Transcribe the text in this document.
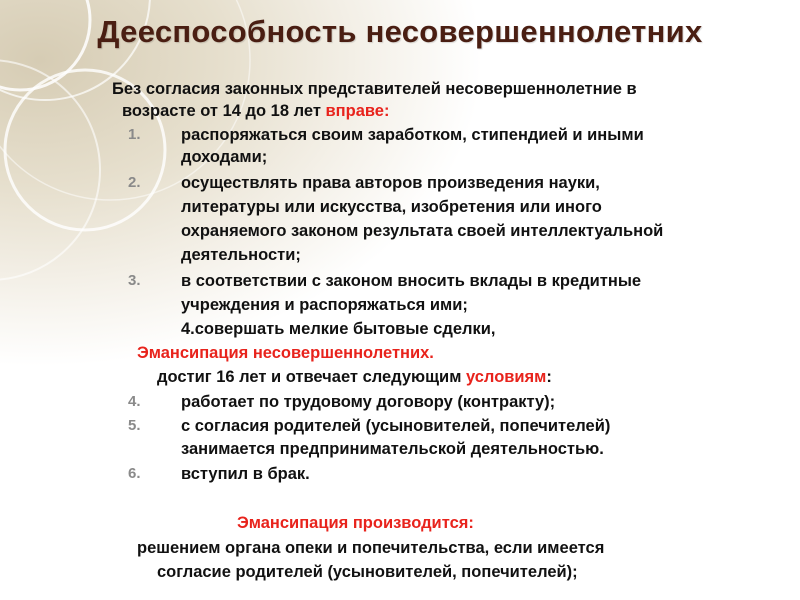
Дееспособность несовершеннолетних
Без согласия законных представителей несовершеннолетние в
возрасте от 14 до 18 лет вправе:
1. распоряжаться своим заработком, стипендией и иными
доходами;
2. осуществлять права авторов произведения науки,
литературы или искусства, изобретения или иного
охраняемого законом результата своей интеллектуальной
деятельности;
3. в соответствии с законом вносить вклады в кредитные
учреждения и распоряжаться ими;
4.совершать мелкие бытовые сделки,
Эмансипация несовершеннолетних.
достиг 16 лет и отвечает следующим условиям:
4. работает по трудовому договору (контракту);
5. с согласия родителей (усыновителей, попечителей)
занимается предпринимательской деятельностью.
6. вступил в брак.
Эмансипация производится:
решением органа опеки и попечительства, если имеется
согласие родителей (усыновителей, попечителей);
